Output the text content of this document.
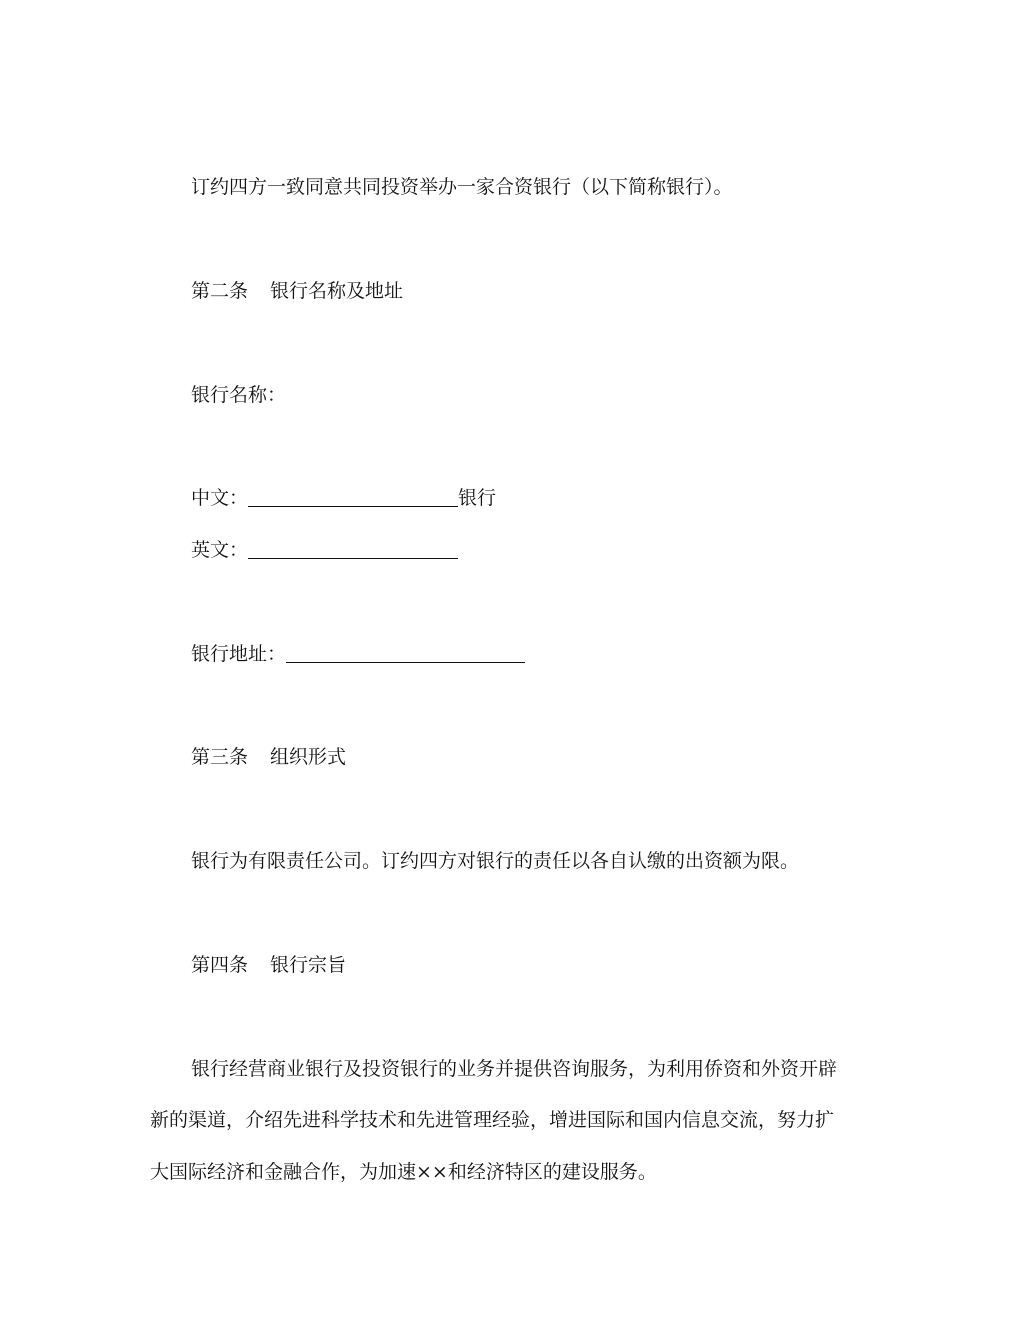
订约四方一致同意共同投资举办一家合资银行（以下简称银行）。
第二条 银行名称及地址
银行名称：
中文：	银行
英文：
银行地址：
第三条 组织形式
银行为有限责任公司。订约四方对银行的责任以各自认缴的出资额为限。
第四条 银行宗旨
银行经营商业银行及投资银行的业务并提供咨询服务，为利用侨资和外资开辟
新的渠道，介绍先进科学技术和先进管理经验，增进国际和国内信息交流，努力扩
大国际经济和金融合作，为加速××和经济特区的建设服务。
